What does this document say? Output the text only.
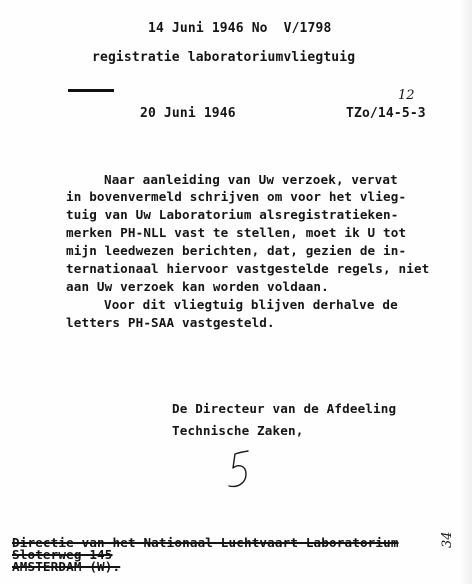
14 Juni 1946 No  V/1798
registratie laboratoriumvliegtuig
20 Juni 1946	TZo/14-5-3
12
Naar aanleiding van Uw verzoek, vervat
in bovenvermeld schrijven om voor het vlieg-
tuig van Uw Laboratorium alsregistratieken-
merken PH-NLL vast te stellen, moet ik U tot
mijn leedwezen berichten, dat, gezien de in-
ternationaal hiervoor vastgestelde regels, niet
aan Uw verzoek kan worden voldaan.
Voor dit vliegtuig blijven derhalve de
letters PH-SAA vastgesteld.
De Directeur van de Afdeeling
Technische Zaken,
Directie van het Nationaal Luchtvaart Laboratorium
Sloterweg 145
AMSTERDAM (W).
34
